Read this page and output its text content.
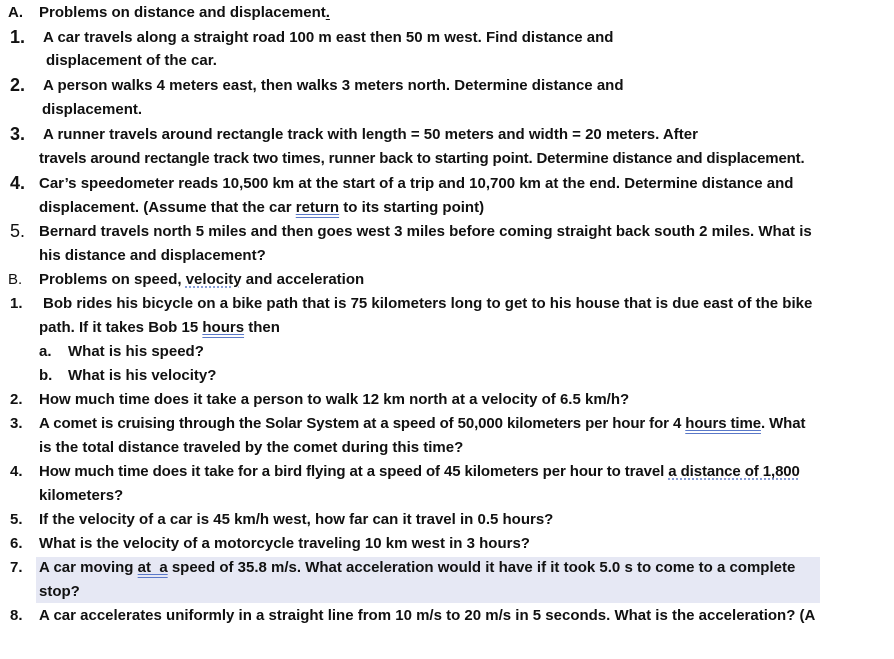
A. Problems on distance and displacement.
1. A car travels along a straight road 100 m east then 50 m west. Find distance and
displacement of the car.
2. A person walks 4 meters east, then walks 3 meters north. Determine distance and
displacement.
3. A runner travels around rectangle track with length = 50 meters and width = 20 meters. After
travels around rectangle track two times, runner back to starting point. Determine distance and displacement.
4. Car’s speedometer reads 10,500 km at the start of a trip and 10,700 km at the end. Determine distance and
displacement. (Assume that the car return to its starting point)
5. Bernard travels north 5 miles and then goes west 3 miles before coming straight back south 2 miles. What is
his distance and displacement?
B. Problems on speed, velocity and acceleration
1. Bob rides his bicycle on a bike path that is 75 kilometers long to get to his house that is due east of the bike
path. If it takes Bob 15 hours then
a. What is his speed?
b. What is his velocity?
2. How much time does it take a person to walk 12 km north at a velocity of 6.5 km/h?
3. A comet is cruising through the Solar System at a speed of 50,000 kilometers per hour for 4 hours time. What
is the total distance traveled by the comet during this time?
4. How much time does it take for a bird flying at a speed of 45 kilometers per hour to travel a distance of 1,800
kilometers?
5. If the velocity of a car is 45 km/h west, how far can it travel in 0.5 hours?
6. What is the velocity of a motorcycle traveling 10 km west in 3 hours?
7. A car moving at  a speed of 35.8 m/s. What acceleration would it have if it took 5.0 s to come to a complete
stop?
8. A car accelerates uniformly in a straight line from 10 m/s to 20 m/s in 5 seconds. What is the acceleration? (A
